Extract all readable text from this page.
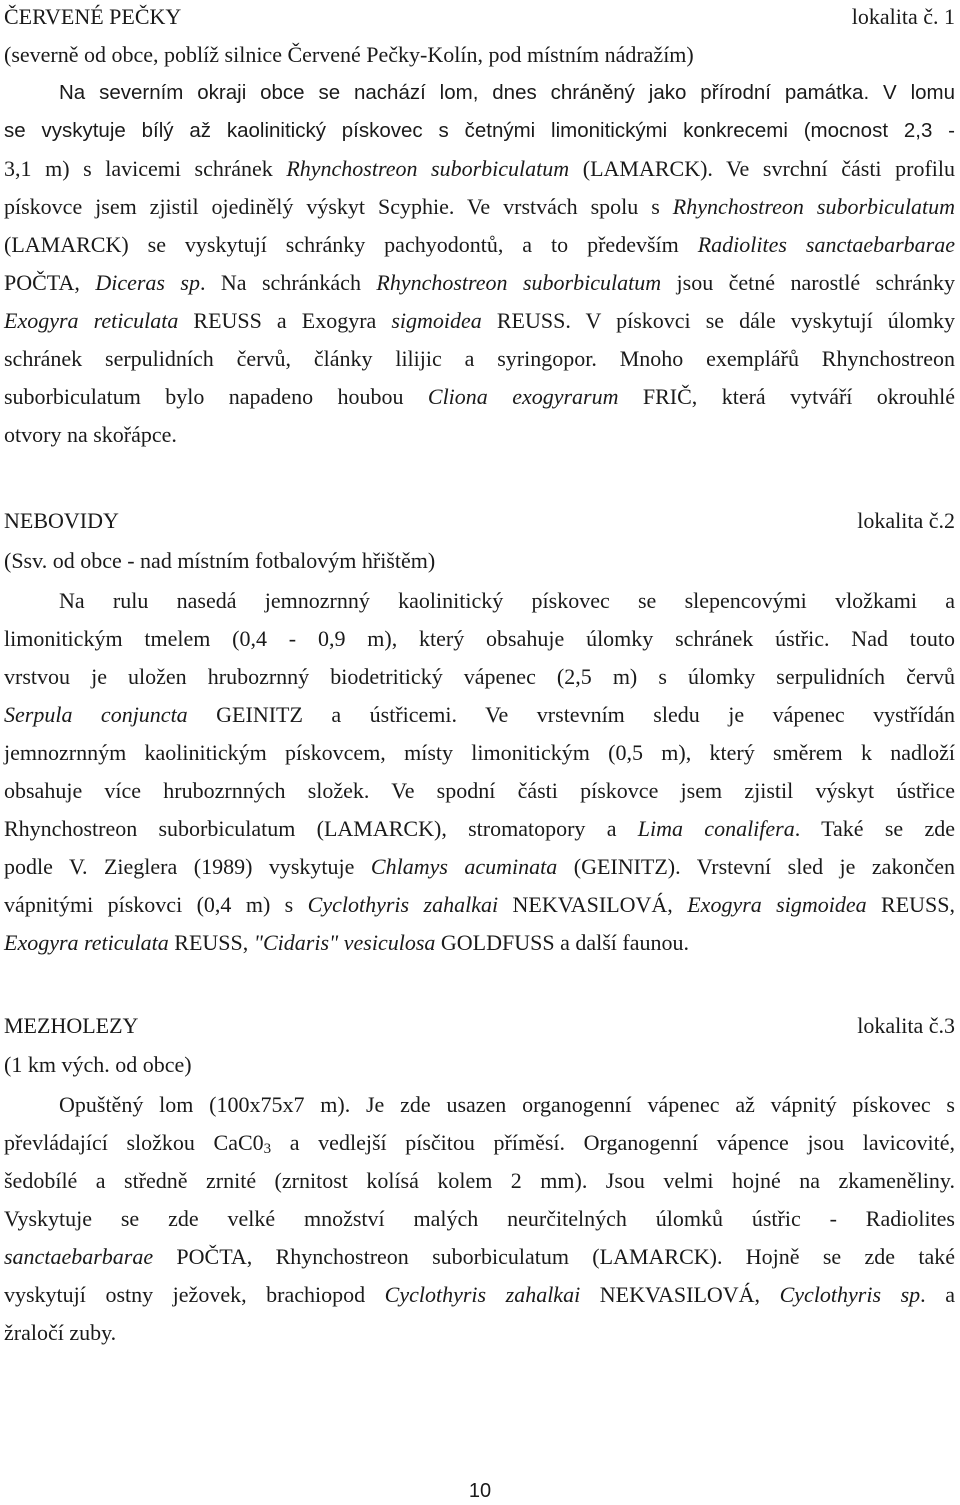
ČERVENÉ PEČKY	lokalita č. 1
(severně od obce, poblíž silnice Červené Pečky-Kolín, pod místním nádražím)
Na severním okraji obce se nachází lom, dnes chráněný jako přírodní památka. V lomu
se vyskytuje bílý až kaolinitický pískovec s četnými limonitickými konkrecemi (mocnost 2,3 -
3,1 m) s lavicemi schránek Rhynchostreon suborbiculatum (LAMARCK). Ve svrchní části profilu
pískovce jsem zjistil ojedinělý výskyt Scyphie. Ve vrstvách spolu s Rhynchostreon suborbiculatum
(LAMARCK) se vyskytují schránky pachyodontů, a to především Radiolites sanctaebarbarae
POČTA, Diceras sp. Na schránkách Rhynchostreon suborbiculatum jsou četné narostlé schránky
Exogyra reticulata REUSS a Exogyra sigmoidea REUSS. V pískovci se dále vyskytují úlomky
schránek serpulidních červů, články lilijic a syringopor. Mnoho exemplářů Rhynchostreon
suborbiculatum bylo napadeno houbou Cliona exogyrarum FRIČ, která vytváří okrouhlé
otvory na skořápce.
NEBOVIDY	lokalita č.2
(Ssv. od obce - nad místním fotbalovým hřištěm)
Na rulu nasedá jemnozrnný kaolinitický pískovec se slepencovými vložkami a
limonitickým tmelem (0,4 - 0,9 m), který obsahuje úlomky schránek ústřic. Nad touto
vrstvou je uložen hrubozrnný biodetritický vápenec (2,5 m) s úlomky serpulidních červů
Serpula conjuncta GEINITZ a ústřicemi. Ve vrstevním sledu je vápenec vystřídán
jemnozrnným kaolinitickým pískovcem, místy limonitickým (0,5 m), který směrem k nadloží
obsahuje více hrubozrnných složek. Ve spodní části pískovce jsem zjistil výskyt ústřice
Rhynchostreon suborbiculatum (LAMARCK), stromatopory a Lima conalifera. Také se zde
podle V. Zieglera (1989) vyskytuje Chlamys acuminata (GEINITZ). Vrstevní sled je zakončen
vápnitými pískovci (0,4 m) s Cyclothyris zahalkai NEKVASILOVÁ, Exogyra sigmoidea REUSS,
Exogyra reticulata REUSS, "Cidaris" vesiculosa GOLDFUSS a další faunou.
MEZHOLEZY	lokalita č.3
(1 km vých. od obce)
Opuštěný lom (100x75x7 m). Je zde usazen organogenní vápenec až vápnitý pískovec s
převládající složkou $CaC0_3$ a vedlejší písčitou příměsí. Organogenní vápence jsou lavicovité,
šedobílé a středně zrnité (zrnitost kolísá kolem 2 mm). Jsou velmi hojné na zkameněliny.
Vyskytuje se zde velké množství malých neurčitelných úlomků ústřic - Radiolites
sanctaebarbarae POČTA, Rhynchostreon suborbiculatum (LAMARCK). Hojně se zde také
vyskytují ostny ježovek, brachiopod Cyclothyris zahalkai NEKVASILOVÁ, Cyclothyris sp. a
žraločí zuby.
10
